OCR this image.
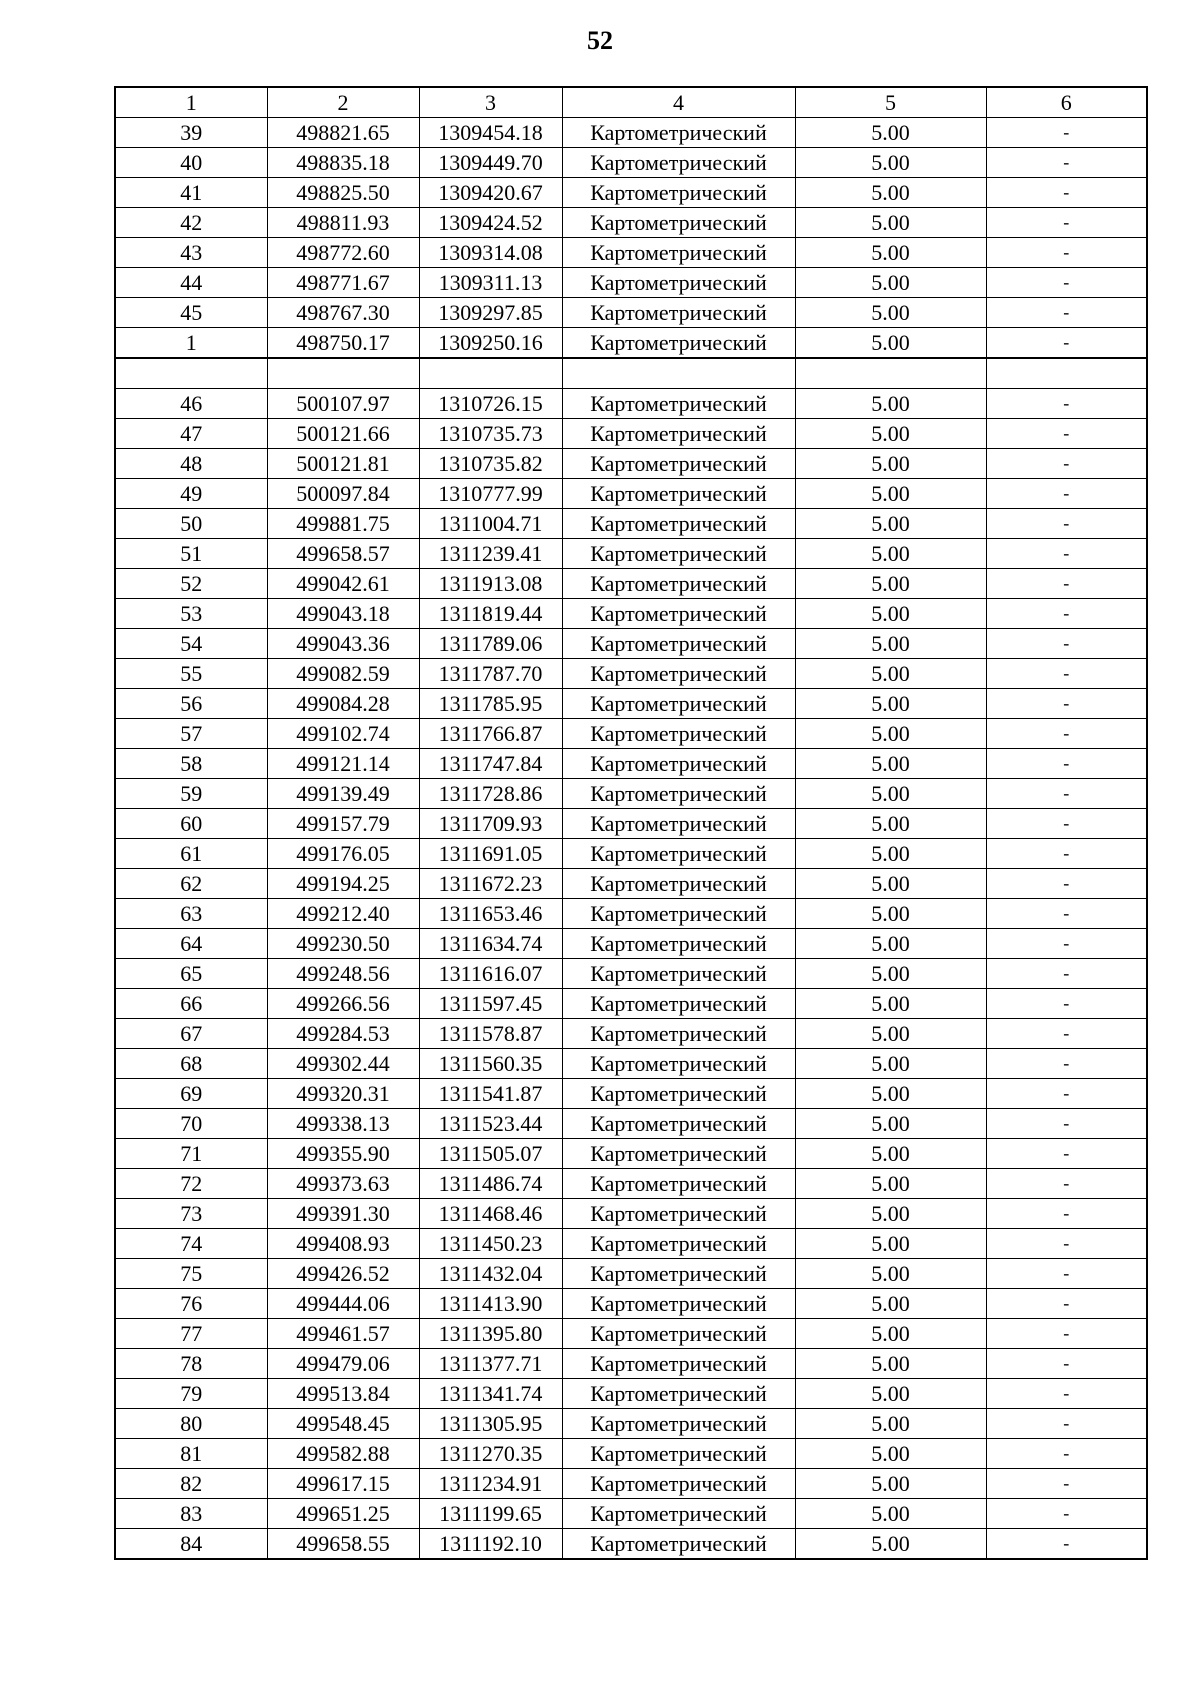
52
1	2	3	4	5	6
39	498821.65	1309454.18	Картометрический	5.00	-
40	498835.18	1309449.70	Картометрический	5.00	-
41	498825.50	1309420.67	Картометрический	5.00	-
42	498811.93	1309424.52	Картометрический	5.00	-
43	498772.60	1309314.08	Картометрический	5.00	-
44	498771.67	1309311.13	Картометрический	5.00	-
45	498767.30	1309297.85	Картометрический	5.00	-
1	498750.17	1309250.16	Картометрический	5.00	-

46	500107.97	1310726.15	Картометрический	5.00	-
47	500121.66	1310735.73	Картометрический	5.00	-
48	500121.81	1310735.82	Картометрический	5.00	-
49	500097.84	1310777.99	Картометрический	5.00	-
50	499881.75	1311004.71	Картометрический	5.00	-
51	499658.57	1311239.41	Картометрический	5.00	-
52	499042.61	1311913.08	Картометрический	5.00	-
53	499043.18	1311819.44	Картометрический	5.00	-
54	499043.36	1311789.06	Картометрический	5.00	-
55	499082.59	1311787.70	Картометрический	5.00	-
56	499084.28	1311785.95	Картометрический	5.00	-
57	499102.74	1311766.87	Картометрический	5.00	-
58	499121.14	1311747.84	Картометрический	5.00	-
59	499139.49	1311728.86	Картометрический	5.00	-
60	499157.79	1311709.93	Картометрический	5.00	-
61	499176.05	1311691.05	Картометрический	5.00	-
62	499194.25	1311672.23	Картометрический	5.00	-
63	499212.40	1311653.46	Картометрический	5.00	-
64	499230.50	1311634.74	Картометрический	5.00	-
65	499248.56	1311616.07	Картометрический	5.00	-
66	499266.56	1311597.45	Картометрический	5.00	-
67	499284.53	1311578.87	Картометрический	5.00	-
68	499302.44	1311560.35	Картометрический	5.00	-
69	499320.31	1311541.87	Картометрический	5.00	-
70	499338.13	1311523.44	Картометрический	5.00	-
71	499355.90	1311505.07	Картометрический	5.00	-
72	499373.63	1311486.74	Картометрический	5.00	-
73	499391.30	1311468.46	Картометрический	5.00	-
74	499408.93	1311450.23	Картометрический	5.00	-
75	499426.52	1311432.04	Картометрический	5.00	-
76	499444.06	1311413.90	Картометрический	5.00	-
77	499461.57	1311395.80	Картометрический	5.00	-
78	499479.06	1311377.71	Картометрический	5.00	-
79	499513.84	1311341.74	Картометрический	5.00	-
80	499548.45	1311305.95	Картометрический	5.00	-
81	499582.88	1311270.35	Картометрический	5.00	-
82	499617.15	1311234.91	Картометрический	5.00	-
83	499651.25	1311199.65	Картометрический	5.00	-
84	499658.55	1311192.10	Картометрический	5.00	-
